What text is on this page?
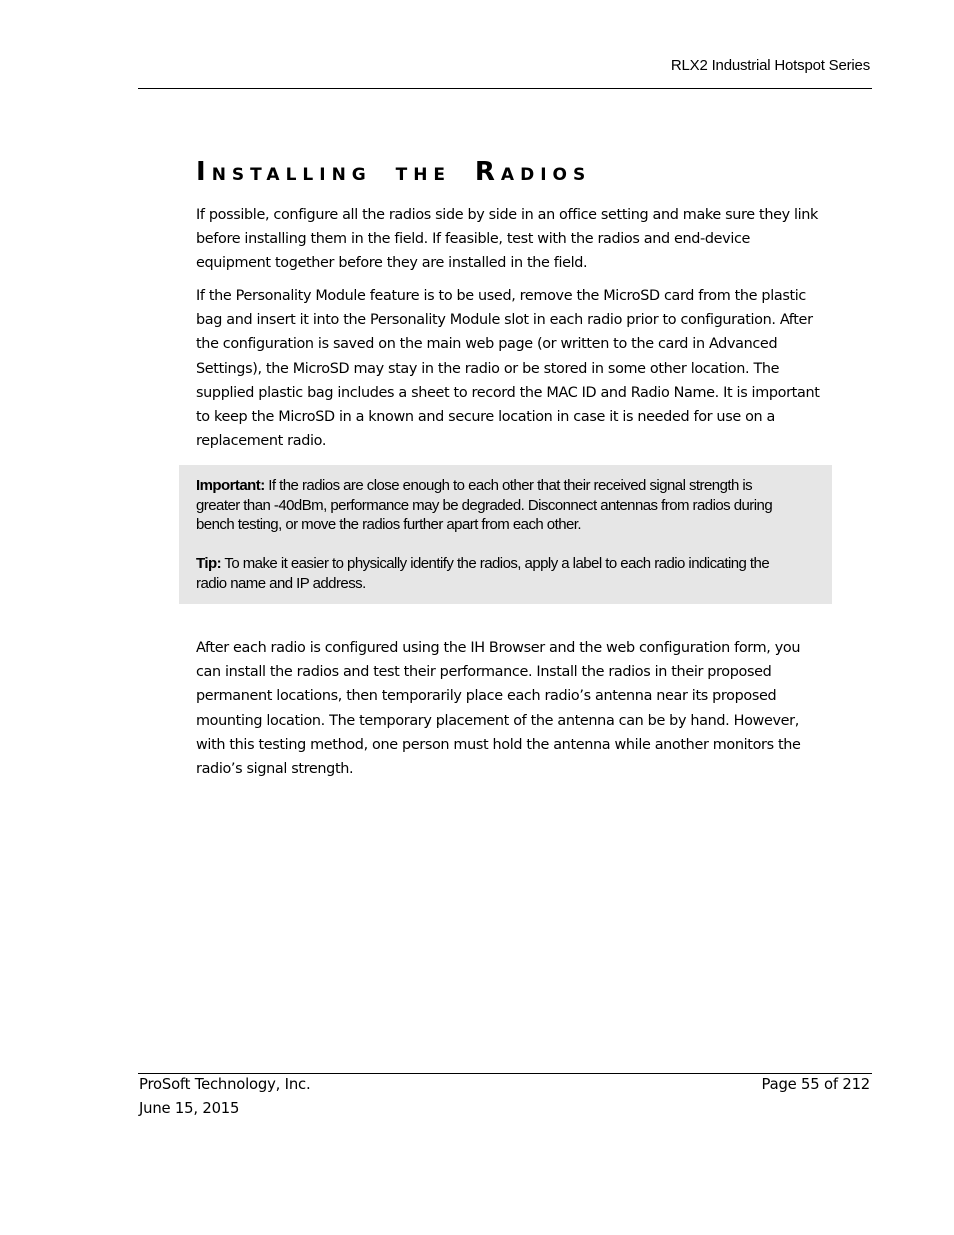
RLX2 Industrial Hotspot Series
INSTALLING THE RADIOS

If possible, configure all the radios side by side in an office setting and make sure they link before installing them in the field. If feasible, test with the radios and end-device equipment together before they are installed in the field.

If the Personality Module feature is to be used, remove the MicroSD card from the plastic bag and insert it into the Personality Module slot in each radio prior to configuration. After the configuration is saved on the main web page (or written to the card in Advanced Settings), the MicroSD may stay in the radio or be stored in some other location. The supplied plastic bag includes a sheet to record the MAC ID and Radio Name. It is important to keep the MicroSD in a known and secure location in case it is needed for use on a replacement radio.

Important: If the radios are close enough to each other that their received signal strength is greater than -40dBm, performance may be degraded. Disconnect antennas from radios during bench testing, or move the radios further apart from each other.

Tip: To make it easier to physically identify the radios, apply a label to each radio indicating the radio name and IP address.

After each radio is configured using the IH Browser and the web configuration form, you can install the radios and test their performance. Install the radios in their proposed permanent locations, then temporarily place each radio’s antenna near its proposed mounting location. The temporary placement of the antenna can be by hand. However, with this testing method, one person must hold the antenna while another monitors the radio’s signal strength.

ProSoft Technology, Inc.
June 15, 2015
Page 55 of 212
